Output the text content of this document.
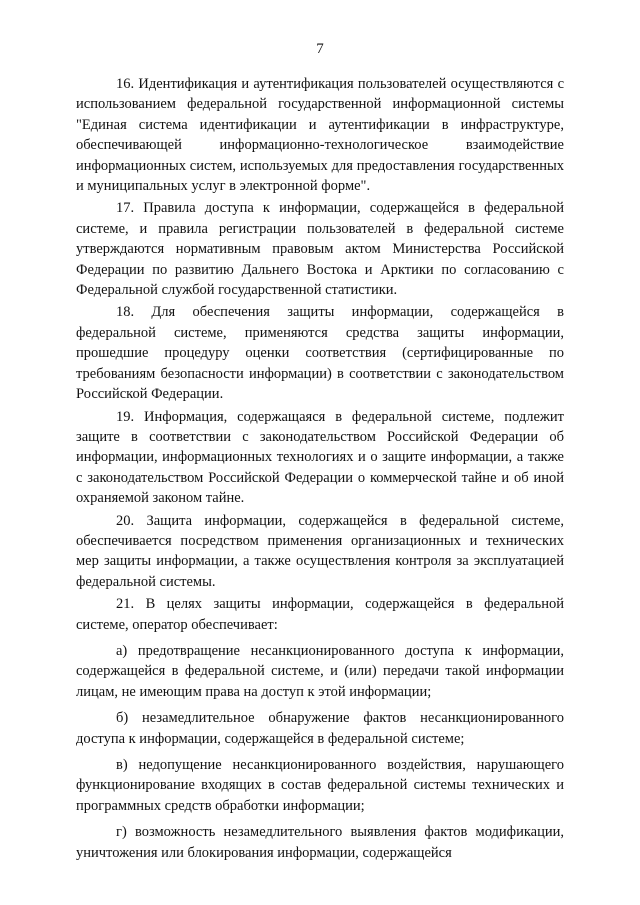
7

16. Идентификация и аутентификация пользователей осуществляются с использованием федеральной государственной информационной системы "Единая система идентификации и аутентификации в инфраструктуре, обеспечивающей информационно-технологическое взаимодействие информационных систем, используемых для предоставления государственных и муниципальных услуг в электронной форме".

17. Правила доступа к информации, содержащейся в федеральной системе, и правила регистрации пользователей в федеральной системе утверждаются нормативным правовым актом Министерства Российской Федерации по развитию Дальнего Востока и Арктики по согласованию с Федеральной службой государственной статистики.

18. Для обеспечения защиты информации, содержащейся в федеральной системе, применяются средства защиты информации, прошедшие процедуру оценки соответствия (сертифицированные по требованиям безопасности информации) в соответствии с законодательством Российской Федерации.

19. Информация, содержащаяся в федеральной системе, подлежит защите в соответствии с законодательством Российской Федерации об информации, информационных технологиях и о защите информации, а также с законодательством Российской Федерации о коммерческой тайне и об иной охраняемой законом тайне.

20. Защита информации, содержащейся в федеральной системе, обеспечивается посредством применения организационных и технических мер защиты информации, а также осуществления контроля за эксплуатацией федеральной системы.

21. В целях защиты информации, содержащейся в федеральной системе, оператор обеспечивает:

а) предотвращение несанкционированного доступа к информации, содержащейся в федеральной системе, и (или) передачи такой информации лицам, не имеющим права на доступ к этой информации;

б) незамедлительное обнаружение фактов несанкционированного доступа к информации, содержащейся в федеральной системе;

в) недопущение несанкционированного воздействия, нарушающего функционирование входящих в состав федеральной системы технических и программных средств обработки информации;

г) возможность незамедлительного выявления фактов модификации, уничтожения или блокирования информации, содержащейся
